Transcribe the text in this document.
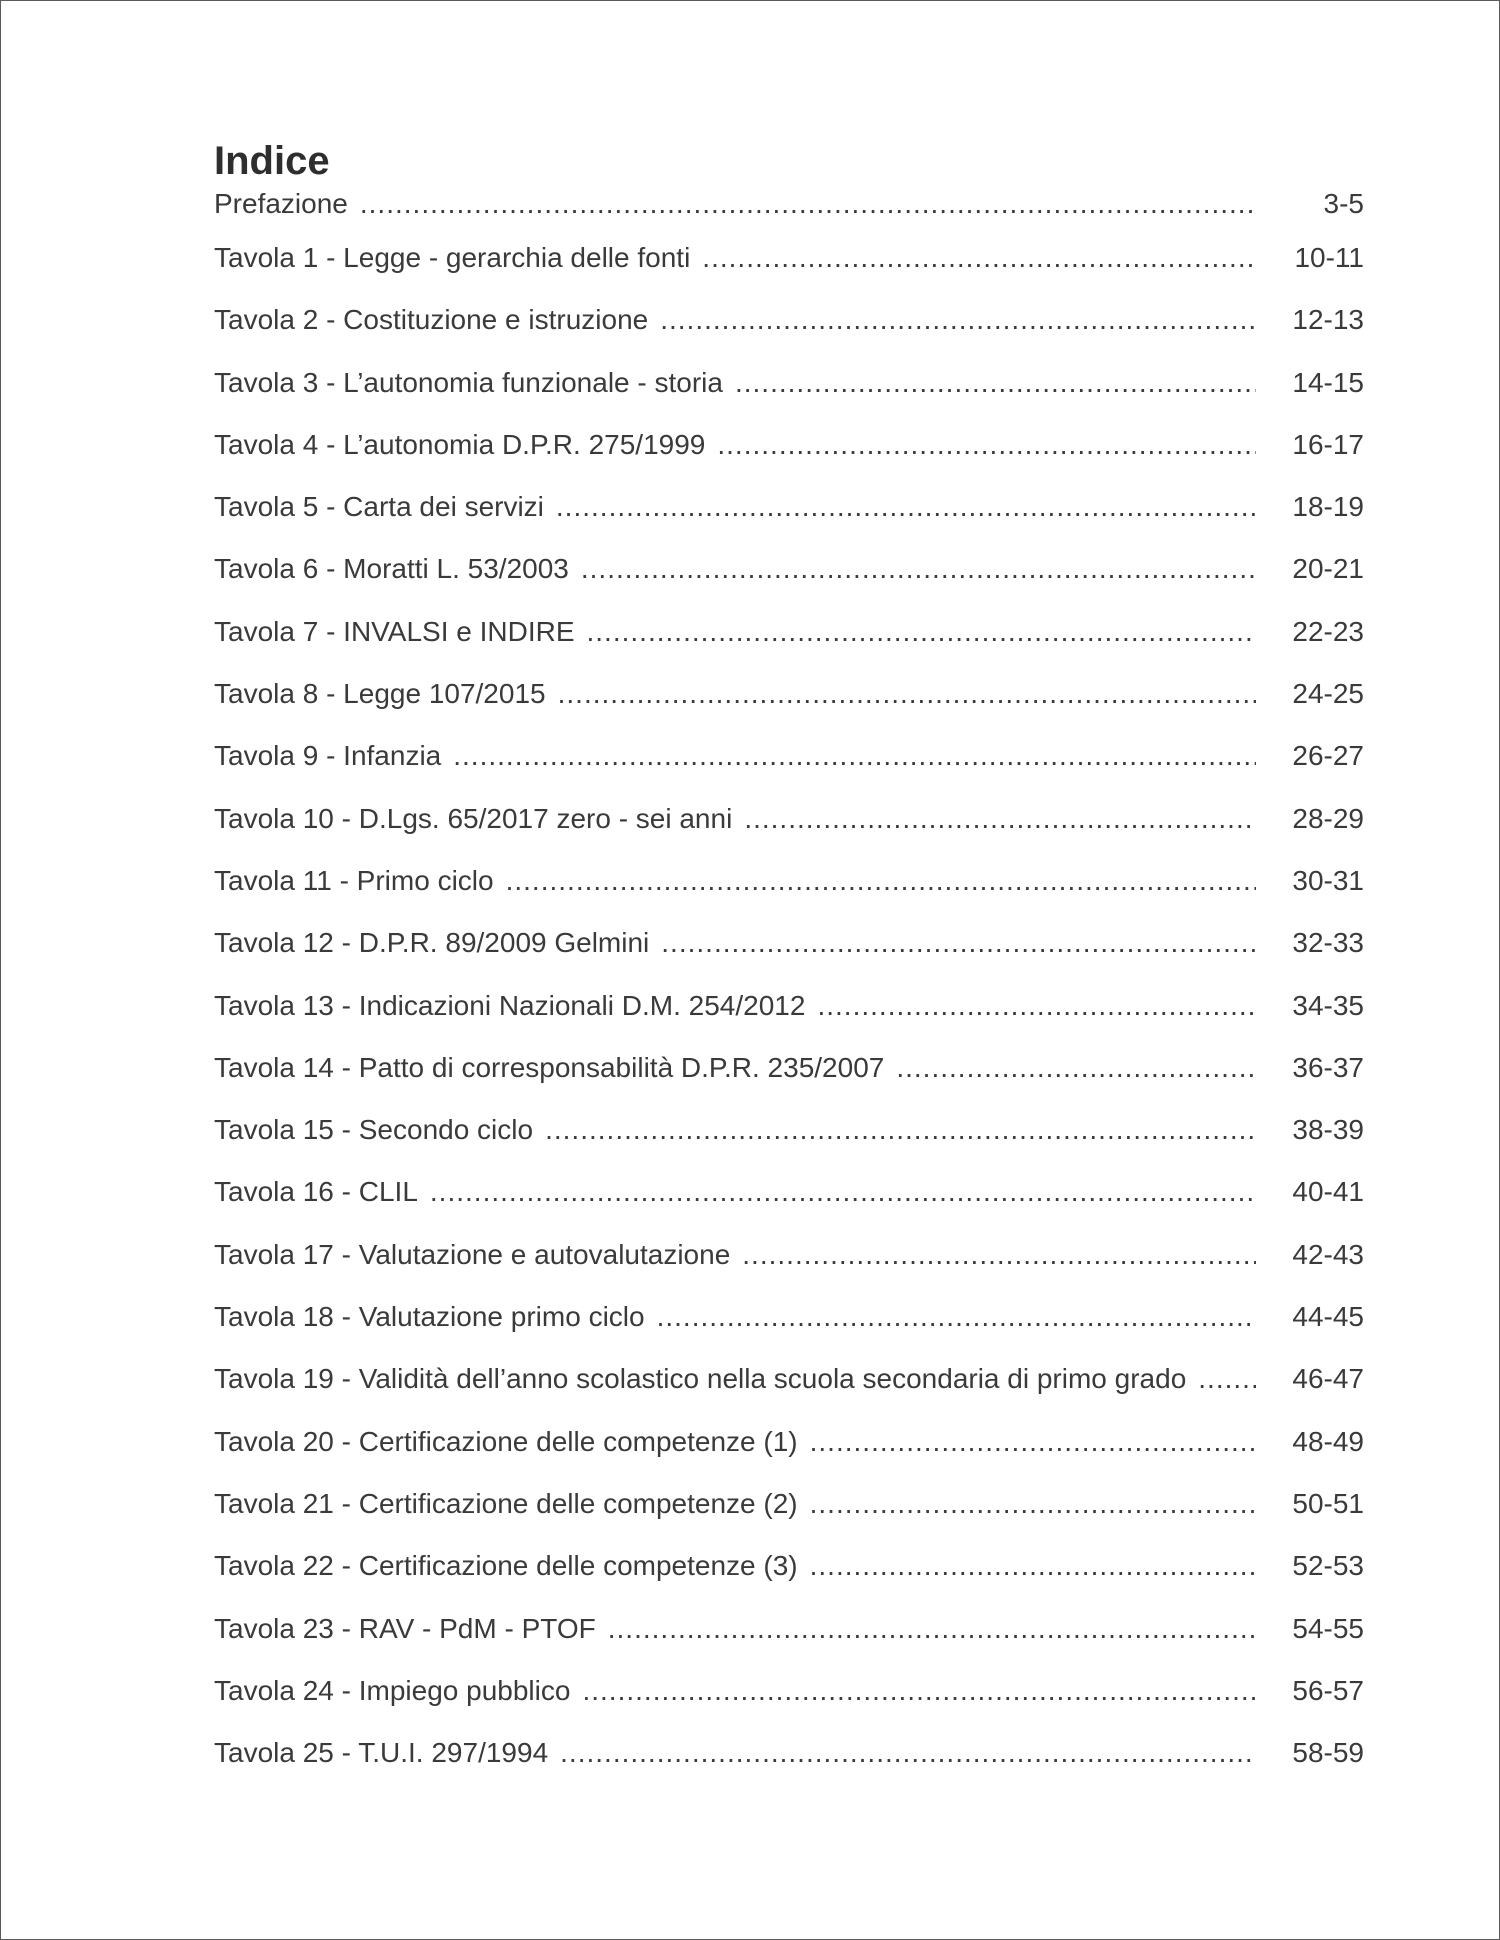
Indice
Prefazione .....	3-5
Tavola 1 - Legge - gerarchia delle fonti .....	10-11
Tavola 2 - Costituzione e istruzione .....	12-13
Tavola 3 - L’autonomia funzionale - storia .....	14-15
Tavola 4 - L’autonomia D.P.R. 275/1999 .....	16-17
Tavola 5 - Carta dei servizi .....	18-19
Tavola 6 - Moratti L. 53/2003 .....	20-21
Tavola 7 - INVALSI e INDIRE .....	22-23
Tavola 8 - Legge 107/2015 .....	24-25
Tavola 9 - Infanzia .....	26-27
Tavola 10 - D.Lgs. 65/2017 zero - sei anni .....	28-29
Tavola 11 - Primo ciclo .....	30-31
Tavola 12 - D.P.R. 89/2009 Gelmini .....	32-33
Tavola 13 - Indicazioni Nazionali D.M. 254/2012 .....	34-35
Tavola 14 - Patto di corresponsabilità D.P.R. 235/2007 .....	36-37
Tavola 15 - Secondo ciclo .....	38-39
Tavola 16 - CLIL .....	40-41
Tavola 17 - Valutazione e autovalutazione .....	42-43
Tavola 18 - Valutazione primo ciclo .....	44-45
Tavola 19 - Validità dell’anno scolastico nella scuola secondaria di primo grado .....	46-47
Tavola 20 - Certificazione delle competenze (1) .....	48-49
Tavola 21 - Certificazione delle competenze (2) .....	50-51
Tavola 22 - Certificazione delle competenze (3) .....	52-53
Tavola 23 - RAV - PdM - PTOF .....	54-55
Tavola 24 - Impiego pubblico .....	56-57
Tavola 25 - T.U.I. 297/1994 .....	58-59
